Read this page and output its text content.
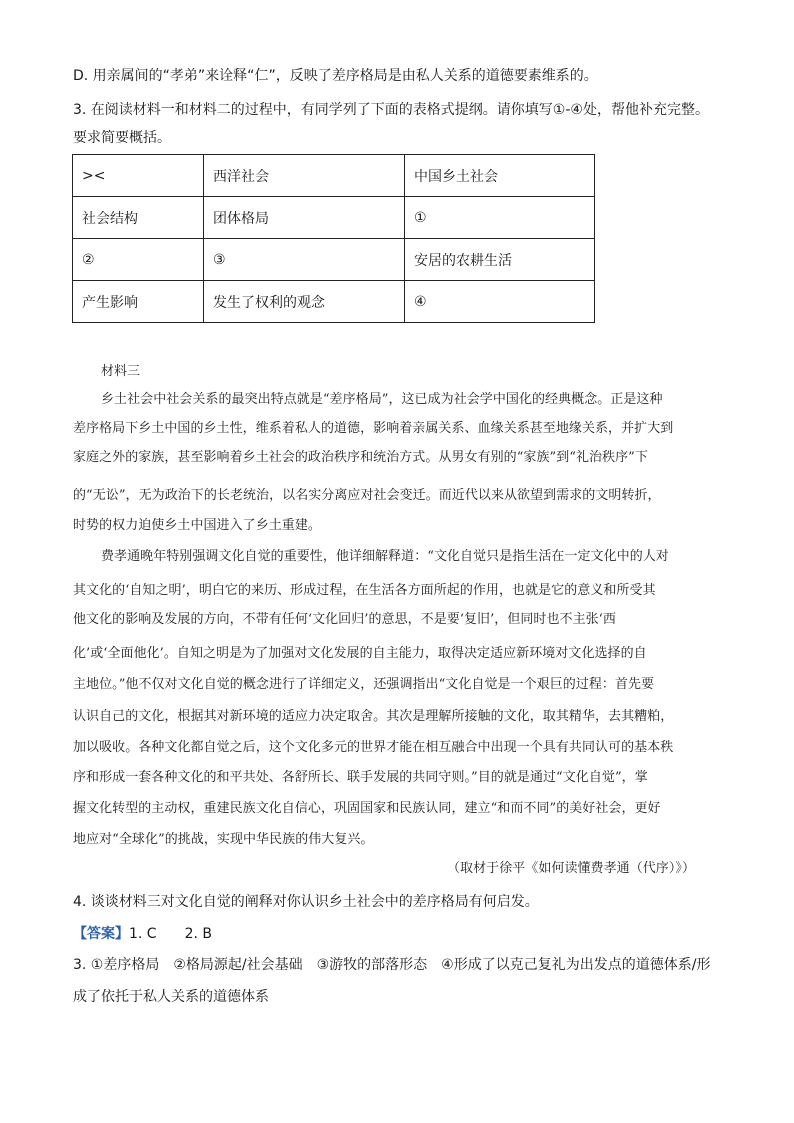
D. 用亲属间的“孝弟”来诠释“仁”，反映了差序格局是由私人关系的道德要素维系的。
3. 在阅读材料一和材料二的过程中，有同学列了下面的表格式提纲。请你填写①-④处，帮他补充完整。
要求简要概括。
><	西洋社会	中国乡土社会
社会结构	团体格局	①
②	③	安居的农耕生活
产生影响	发生了权利的观念	④
材料三
乡土社会中社会关系的最突出特点就是“差序格局”，这已成为社会学中国化的经典概念。正是这种
差序格局下乡土中国的乡土性，维系着私人的道德，影响着亲属关系、血缘关系甚至地缘关系，并扩大到
家庭之外的家族，甚至影响着乡土社会的政治秩序和统治方式。从男女有别的“家族”到“礼治秩序”下
的“无讼”，无为政治下的长老统治，以名实分离应对社会变迁。而近代以来从欲望到需求的文明转折，
时势的权力迫使乡土中国进入了乡土重建。
费孝通晚年特别强调文化自觉的重要性，他详细解释道：“文化自觉只是指生活在一定文化中的人对
其文化的‘自知之明’，明白它的来历、形成过程，在生活各方面所起的作用，也就是它的意义和所受其
他文化的影响及发展的方向，不带有任何‘文化回归’的意思，不是要‘复旧’，但同时也不主张‘西
化’或‘全面他化’。自知之明是为了加强对文化发展的自主能力，取得决定适应新环境对文化选择的自
主地位。”他不仅对文化自觉的概念进行了详细定义，还强调指出“文化自觉是一个艰巨的过程：首先要
认识自己的文化，根据其对新环境的适应力决定取舍。其次是理解所接触的文化，取其精华，去其糟粕，
加以吸收。各种文化都自觉之后，这个文化多元的世界才能在相互融合中出现一个具有共同认可的基本秩
序和形成一套各种文化的和平共处、各舒所长、联手发展的共同守则。”目的就是通过“文化自觉”，掌
握文化转型的主动权，重建民族文化自信心，巩固国家和民族认同，建立“和而不同”的美好社会，更好
地应对“全球化”的挑战，实现中华民族的伟大复兴。
（取材于徐平《如何读懂费孝通（代序）》）
4. 谈谈材料三对文化自觉的阐释对你认识乡土社会中的差序格局有何启发。
【答案】1. C　　2. B
3. ①差序格局　②格局源起/社会基础　③游牧的部落形态　④形成了以克己复礼为出发点的道德体系/形
成了依托于私人关系的道德体系
